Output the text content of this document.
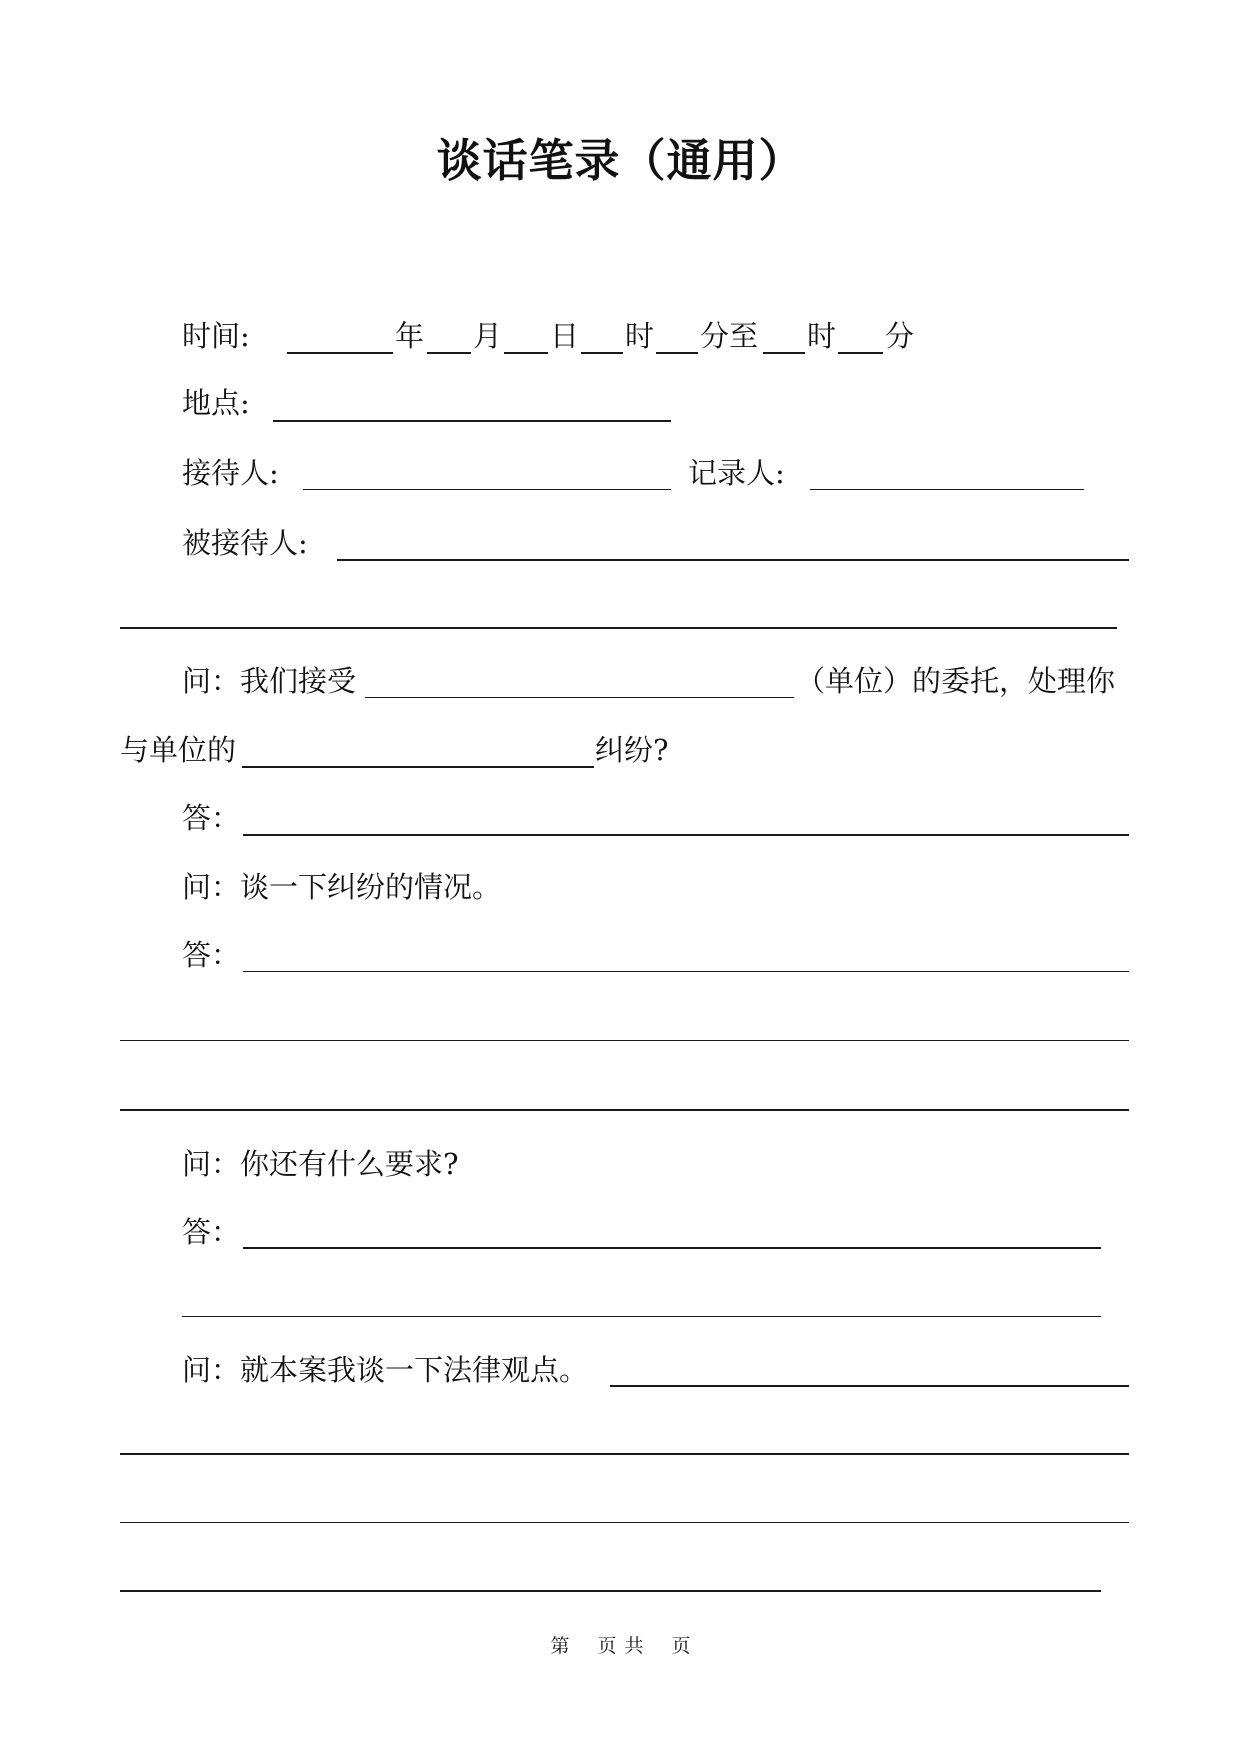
谈话笔录（通用）
时间:	年 月 日 时 分至 时 分
地点:
接待人:	记录人:
被接待人:
问：我们接受	（单位）的委托，处理你
与单位的	纠纷?
答：
问：谈一下纠纷的情况。
答：
问：你还有什么要求?
答：
问：就本案我谈一下法律观点。
第 页 共 页
